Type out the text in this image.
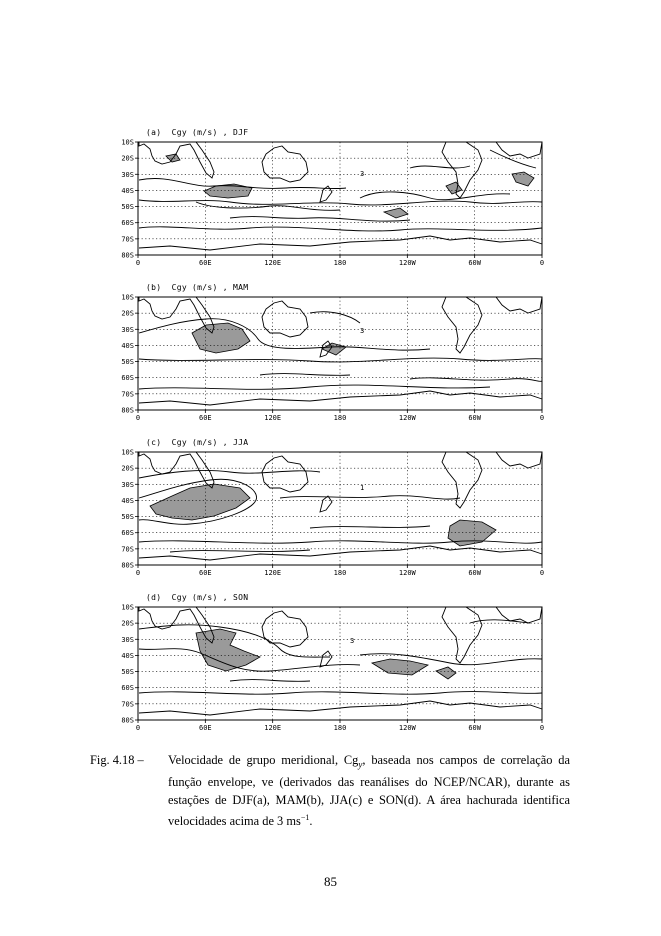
(a)  Cgy (m/s) , DJF
3
10S
20S
30S
40S
50S
60S
70S
80S
0	60E	120E	180	120W	60W	0
(b)  Cgy (m/s) , MAM
3
10S
20S
30S
40S
50S
60S
70S
80S
0	60E	120E	180	120W	60W	0
(c)  Cgy (m/s) , JJA
1
10S
20S
30S
40S
50S
60S
70S
80S
0	60E	120E	180	120W	60W	0
(d)  Cgy (m/s) , SON
3
10S
20S
30S
40S
50S
60S
70S
80S
0	60E	120E	180	120W	60W	0
Fig. 4.18 – Velocidade de grupo meridional, $Cg_y$, baseada nos campos de correlação da função envelope, ve (derivados das reanálises do NCEP/NCAR), durante as estações de DJF(a), MAM(b), JJA(c) e SON(d). A área hachurada identifica velocidades acima de 3 $ms^{-1}$.
85
